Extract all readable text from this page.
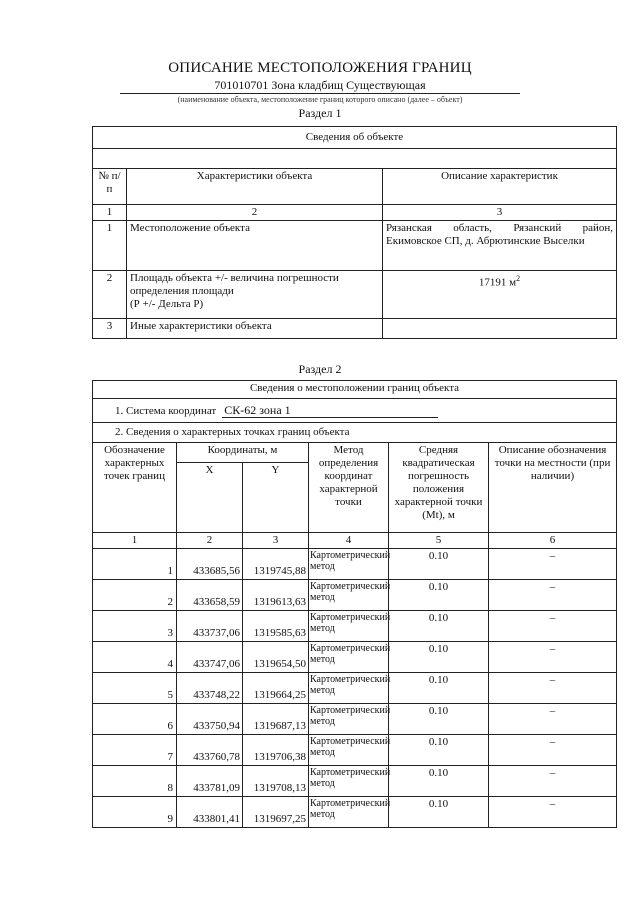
ОПИСАНИЕ МЕСТОПОЛОЖЕНИЯ ГРАНИЦ
701010701 Зона кладбищ Существующая
(наименование объекта, местоположение границ которого описано (далее – объект)
Раздел 1
Сведения об объекте		

№ п/п	Характеристики объекта	Описание характеристик
1	2	3
1	Местоположение объекта	Рязанская область, Рязанский район, Екимовское СП, д. Абрютинские Выселки
2	Площадь объекта +/- величина погрешности определения площади
(Р +/- Дельта Р)	17191 $м^2$
3	Иные характеристики объекта	
Раздел 2
Сведения о местоположении границ объекта					
1. Система координат СК-62 зона 1					
2. Сведения о характерных точках границ объекта					
Обозначение характерных точек границ	Координаты, м		Метод определения координат характерной точки	Средняя квадратическая погрешность положения характерной точки (Mt), м	Описание обозначения точки на местности (при наличии)
	X	Y			
1	2	3	4	5	6
1	433685,56	1319745,88	Картометрический метод	0.10	–
2	433658,59	1319613,63	Картометрический метод	0.10	–
3	433737,06	1319585,63	Картометрический метод	0.10	–
4	433747,06	1319654,50	Картометрический метод	0.10	–
5	433748,22	1319664,25	Картометрический метод	0.10	–
6	433750,94	1319687,13	Картометрический метод	0.10	–
7	433760,78	1319706,38	Картометрический метод	0.10	–
8	433781,09	1319708,13	Картометрический метод	0.10	–
9	433801,41	1319697,25	Картометрический метод	0.10	–
